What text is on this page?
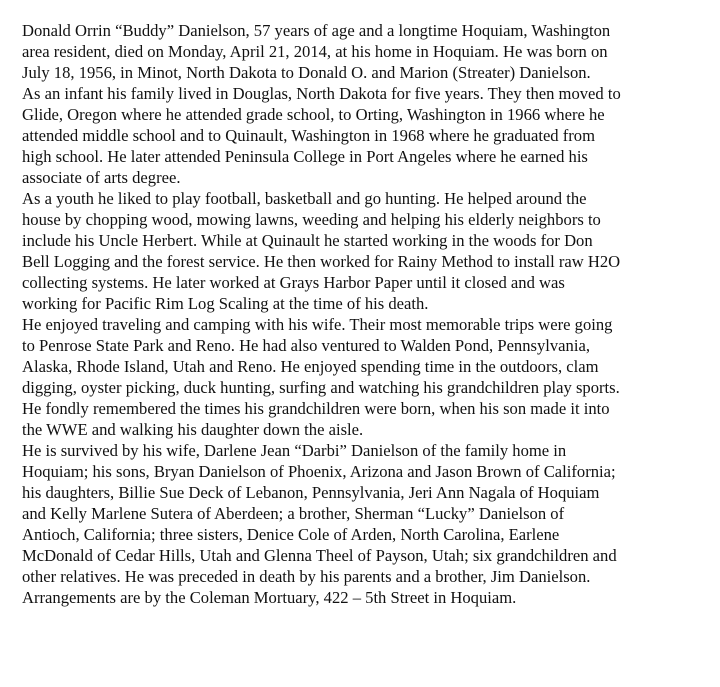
Donald Orrin “Buddy” Danielson, 57 years of age and a longtime Hoquiam, Washington
area resident, died on Monday, April 21, 2014, at his home in Hoquiam. He was born on
July 18, 1956, in Minot, North Dakota to Donald O. and Marion (Streater) Danielson.
As an infant his family lived in Douglas, North Dakota for five years. They then moved to
Glide, Oregon where he attended grade school, to Orting, Washington in 1966 where he
attended middle school and to Quinault, Washington in 1968 where he graduated from
high school. He later attended Peninsula College in Port Angeles where he earned his
associate of arts degree.
As a youth he liked to play football, basketball and go hunting. He helped around the
house by chopping wood, mowing lawns, weeding and helping his elderly neighbors to
include his Uncle Herbert. While at Quinault he started working in the woods for Don
Bell Logging and the forest service. He then worked for Rainy Method to install raw H2O
collecting systems. He later worked at Grays Harbor Paper until it closed and was
working for Pacific Rim Log Scaling at the time of his death.
He enjoyed traveling and camping with his wife. Their most memorable trips were going
to Penrose State Park and Reno. He had also ventured to Walden Pond, Pennsylvania,
Alaska, Rhode Island, Utah and Reno. He enjoyed spending time in the outdoors, clam
digging, oyster picking, duck hunting, surfing and watching his grandchildren play sports.
He fondly remembered the times his grandchildren were born, when his son made it into
the WWE and walking his daughter down the aisle.
He is survived by his wife, Darlene Jean “Darbi” Danielson of the family home in
Hoquiam; his sons, Bryan Danielson of Phoenix, Arizona and Jason Brown of California;
his daughters, Billie Sue Deck of Lebanon, Pennsylvania, Jeri Ann Nagala of Hoquiam
and Kelly Marlene Sutera of Aberdeen; a brother, Sherman “Lucky” Danielson of
Antioch, California; three sisters, Denice Cole of Arden, North Carolina, Earlene
McDonald of Cedar Hills, Utah and Glenna Theel of Payson, Utah; six grandchildren and
other relatives. He was preceded in death by his parents and a brother, Jim Danielson.
Arrangements are by the Coleman Mortuary, 422 – 5th Street in Hoquiam.
